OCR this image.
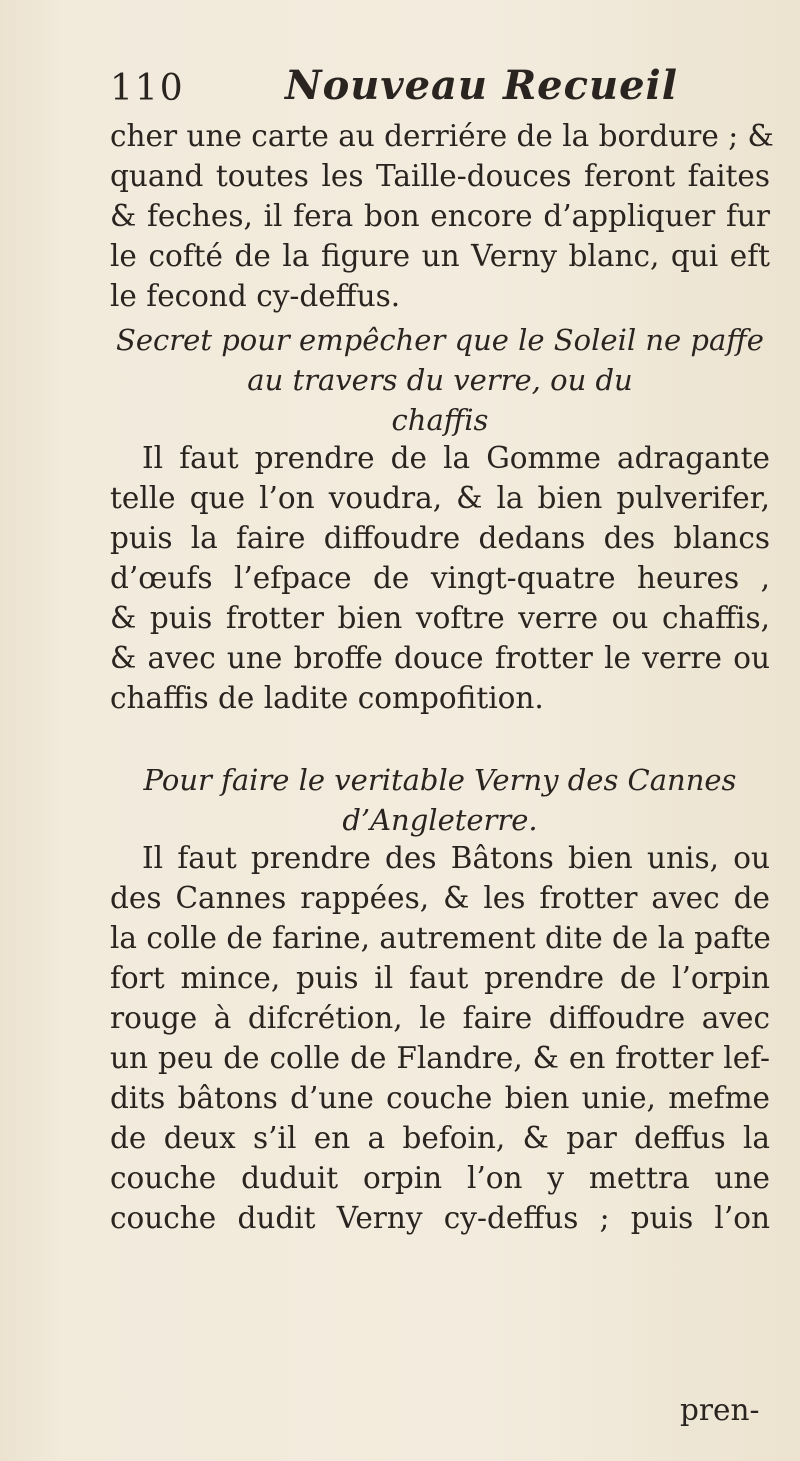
110	Nouveau Recueil
cher une carte au derriére de la bordure ; &
quand toutes les Taille-douces feront faites
& feches, il fera bon encore d’appliquer fur
le cofté de la figure un Verny blanc, qui eft
le fecond cy-deffus.
Secret pour empêcher que le Soleil ne paffe
au travers du verre, ou du
chaffis
Il faut prendre de la Gomme adragante
telle que l’on voudra, & la bien pulverifer,
puis la faire diffoudre dedans des blancs
d’œufs l’efpace de vingt-quatre heures ,
& puis frotter bien voftre verre ou chaffis,
& avec une broffe douce frotter le verre ou
chaffis de ladite compofition.
Pour faire le veritable Verny des Cannes
d’Angleterre.
Il faut prendre des Bâtons bien unis, ou
des Cannes rappées, & les frotter avec de
la colle de farine, autrement dite de la pafte
fort mince, puis il faut prendre de l’orpin
rouge à difcrétion, le faire diffoudre avec
un peu de colle de Flandre, & en frotter lef-
dits bâtons d’une couche bien unie, mefme
de deux s’il en a befoin, & par deffus la
couche duduit orpin l’on y mettra une
couche dudit Verny cy-deffus ; puis l’on
pren-
